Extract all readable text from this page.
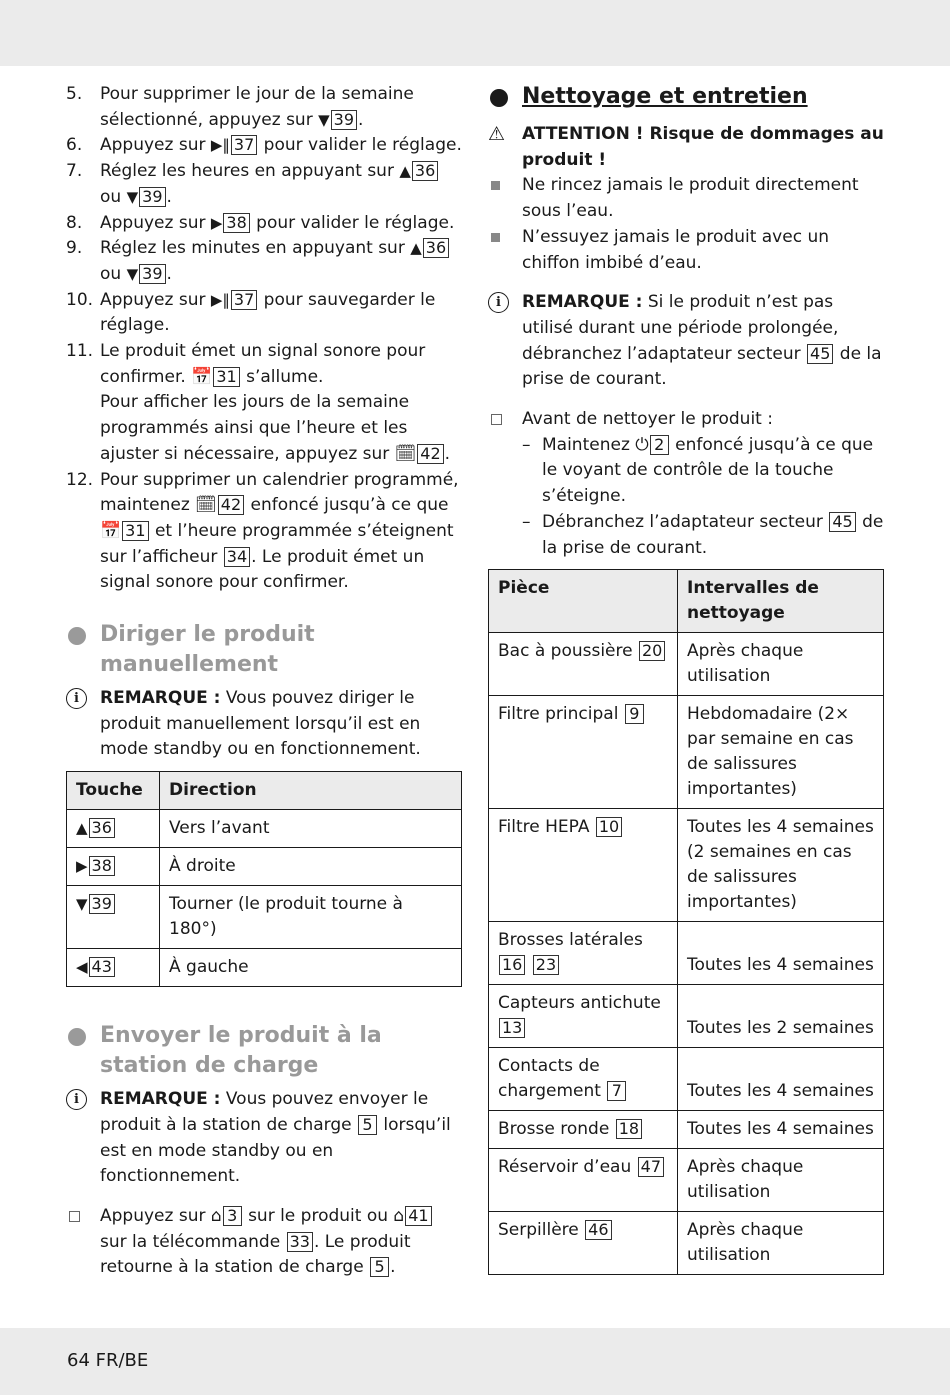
5. Pour supprimer le jour de la semaine sélectionné, appuyez sur ▼ 39 .
6. Appuyez sur ▶‖ 37 pour valider le réglage.
7. Réglez les heures en appuyant sur ▲ 36 ou ▼ 39 .
8. Appuyez sur ▶ 38 pour valider le réglage.
9. Réglez les minutes en appuyant sur ▲ 36 ou ▼ 39 .
10. Appuyez sur ▶‖ 37 pour sauvegarder le réglage.
11. Le produit émet un signal sonore pour confirmer. 📅 31 s’allume.
Pour afficher les jours de la semaine programmés ainsi que l’heure et les ajuster si nécessaire, appuyez sur 🗓 42 .
12. Pour supprimer un calendrier programmé, maintenez 🗓 42 enfoncé jusqu’à ce que 📅 31 et l’heure programmée s’éteignent sur l’afficheur 34 . Le produit émet un signal sonore pour confirmer.
Diriger le produit manuellement
i	REMARQUE : Vous pouvez diriger le produit manuellement lorsqu’il est en mode standby ou en fonctionnement.
Touche	Direction
▲ 36	Vers l’avant
▶ 38	À droite
▼ 39	Tourner (le produit tourne à 180°)
◀ 43	À gauche
Envoyer le produit à la station de charge
i	REMARQUE : Vous pouvez envoyer le produit à la station de charge 5 lorsqu’il est en mode standby ou en fonctionnement.
Appuyez sur ⌂ 3 sur le produit ou ⌂ 41 sur la télécommande 33 . Le produit retourne à la station de charge 5 .
Nettoyage et entretien
⚠ ATTENTION ! Risque de dommages au produit !
Ne rincez jamais le produit directement sous l’eau.
N’essuyez jamais le produit avec un chiffon imbibé d’eau.
i	REMARQUE : Si le produit n’est pas utilisé durant une période prolongée, débranchez l’adaptateur secteur 45 de la prise de courant.
Avant de nettoyer le produit :
– Maintenez ⏻ 2 enfoncé jusqu’à ce que le voyant de contrôle de la touche s’éteigne.
– Débranchez l’adaptateur secteur 45 de la prise de courant.
Pièce	Intervalles de nettoyage
Bac à poussière 20	Après chaque utilisation
Filtre principal 9	Hebdomadaire (2× par semaine en cas de salissures importantes)
Filtre HEPA 10	Toutes les 4 semaines (2 semaines en cas de salissures importantes)
Brosses latérales 16 23	Toutes les 4 semaines
Capteurs antichute 13	Toutes les 2 semaines
Contacts de chargement 7	Toutes les 4 semaines
Brosse ronde 18	Toutes les 4 semaines
Réservoir d’eau 47	Après chaque utilisation
Serpillère 46	Après chaque utilisation
64 FR/BE
